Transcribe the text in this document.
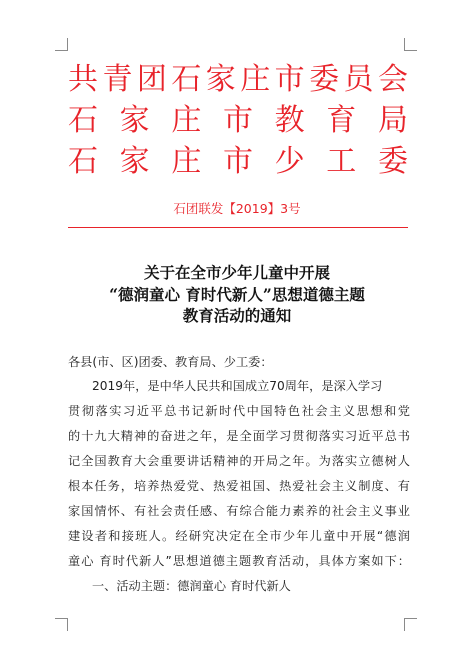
共 青 团 石 家 庄 市 委 员 会
石 家 庄 市 教 育 局
石 家 庄 市 少 工 委
石团联发【2019】3号
关于在全市少年儿童中开展
“德润童心 育时代新人”思想道德主题
教育活动的通知
各县(市、区)团委、教育局、少工委：
2019年，是中华人民共和国成立70周年，是深入学习
贯彻落实习近平总书记新时代中国特色社会主义思想和党
的十九大精神的奋进之年，是全面学习贯彻落实习近平总书
记全国教育大会重要讲话精神的开局之年。为落实立德树人
根本任务，培养热爱党、热爱祖国、热爱社会主义制度、有
家国情怀、有社会责任感、有综合能力素养的社会主义事业
建设者和接班人。经研究决定在全市少年儿童中开展“德润
童心 育时代新人”思想道德主题教育活动，具体方案如下：
一、活动主题：德润童心 育时代新人
